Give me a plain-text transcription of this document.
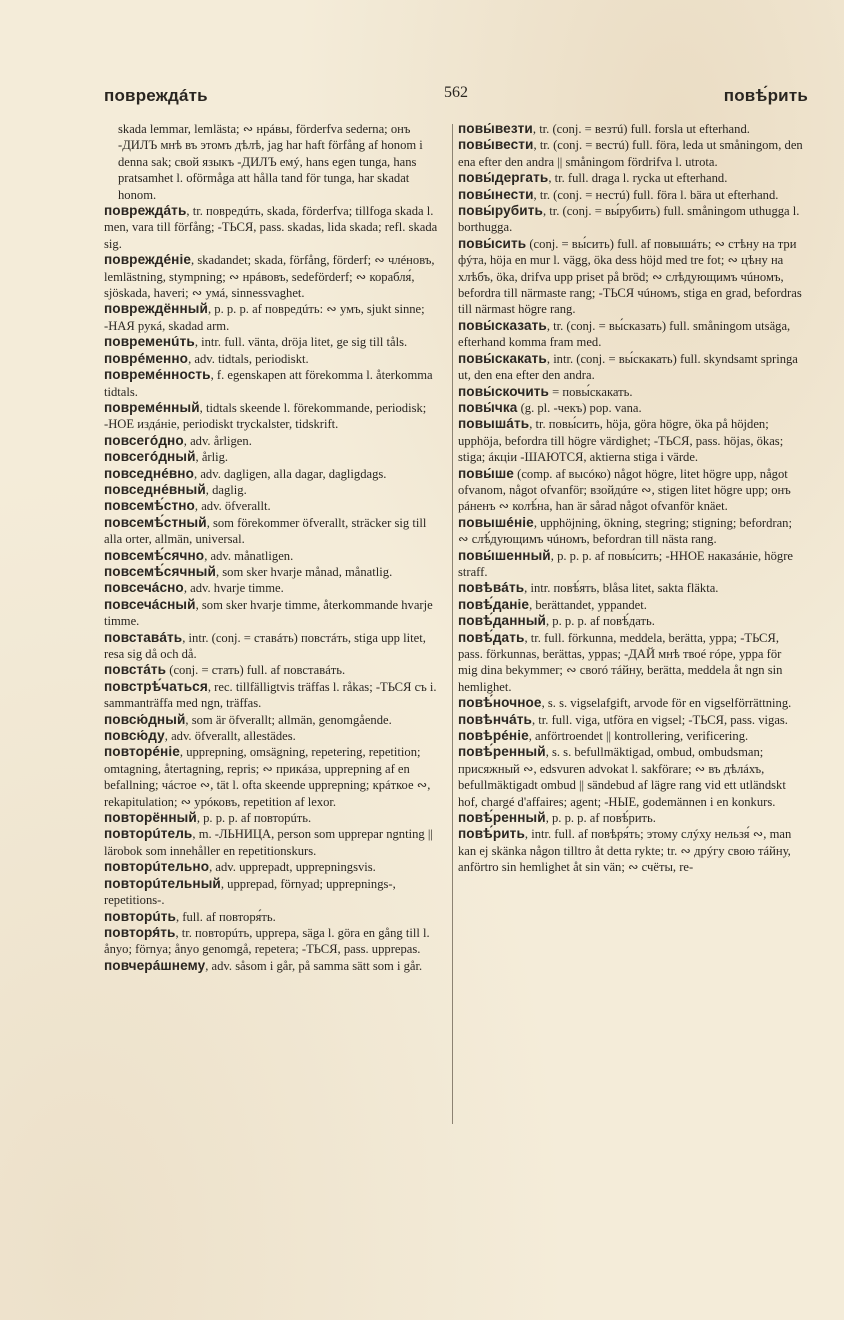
повреждáть	562	повѣ́рить

skada lemmar, lemlästa; ∾ нрáвы, förderfva sederna; онъ -ДИЛЪ мнѣ въ этомъ дѣлѣ, jag har haft förfång af honom i denna sak; свой языкъ -ДИЛЪ емý, hans egen tunga, hans pratsamhet l. oförmåga att hålla tand för tunga, har skadat honom.

повреждáть, tr. повредúть, skada, förderfva; tillfoga skada l. men, vara till förfång; -ТЬСЯ, pass. skadas, lida skada; refl. skada sig.

повреждéніе, skadandet; skada, förfång, förderf; ∾ члéновъ, lemlästning, stympning; ∾ нрáвовъ, sedeförderf; ∾ корабля́, sjöskada, haveri; ∾ умá, sinnessvaghet.

повреждённый, p. p. p. af повредúть: ∾ умъ, sjukt sinne; -НАЯ рукá, skadad arm.

повременúть, intr. full. vänta, dröja litet, ge sig till tåls.

поврéменно, adv. tidtals, periodiskt.

повремéнность, f. egenskapen att förekomma l. återkomma tidtals.

повремéнный, tidtals skeende l. förekommande, periodisk; -НОЕ издáніе, periodiskt tryckalster, tidskrift.

повсегóдно, adv. årligen.

повсегóдный, årlig.

повседнéвно, adv. dagligen, alla dagar, dagligdags.

повседнéвный, daglig.

повсемѣ́стно, adv. öfverallt.

повсемѣ́стный, som förekommer öfverallt, sträcker sig till alla orter, allmän, universal.

повсемѣ́сячно, adv. månatligen.

повсемѣ́сячный, som sker hvarje månad, månatlig.

повсечáсно, adv. hvarje timme.

повсечáсный, som sker hvarje timme, återkommande hvarje timme.

повставáть, intr. (conj. = ставáть) повстáть, stiga upp litet, resa sig då och då.

повстáть (conj. = стать) full. af повставáть.

повстрѣ́чаться, rec. tillfälligtvis träffas l. råkas; -ТЬСЯ съ i. sammanträffa med ngn, träffas.

повсю́дный, som är öfverallt; allmän, genomgående.

повсю́ду, adv. öfverallt, allestädes.

повторéніе, upprepning, omsägning, repetering, repetition; omtagning, återtagning, repris; ∾ прикáза, upprepning af en befallning; чáстое ∾, tät l. ofta skeende upprepning; крáткое ∾, rekapitulation; ∾ урóковъ, repetition af lexor.

повторённый, p. p. p. af повторúть.

повторúтель, m. -ЛЬНИЦА, person som upprepar ngnting || lärobok som innehåller en repetitionskurs.

повторúтельно, adv. upprepadt, upprepningsvis.

повторúтельный, upprepad, förnyad; upprepnings-, repetitions-.

повторúть, full. af повторя́ть.

повторя́ть, tr. повторúть, upprepa, säga l. göra en gång till l. ånyo; förnya; ånyo genomgå, repetera; -ТЬСЯ, pass. upprepas.

повчерáшнему, adv. såsom i går, på samma sätt som i går.

повы́везти, tr. (conj. = везтú) full. forsla ut efterhand.

повы́вести, tr. (conj. = вестú) full. föra, leda ut småningom, den ena efter den andra || småningom fördrifva l. utrota.

повы́дергать, tr. full. draga l. rycka ut efterhand.

повы́нести, tr. (conj. = нестú) full. föra l. bära ut efterhand.

повы́рубить, tr. (conj. = вы́рубить) full. småningom uthugga l. borthugga.

повы́сить (conj. = вы́сить) full. af повышáть; ∾ стѣну на три фýта, höja en mur l. vägg, öka dess höjd med tre fot; ∾ цѣну на хлѣбъ, öka, drifva upp priset på bröd; ∾ слѣдующимъ чúномъ, befordra till närmaste rang; -ТЬСЯ чúномъ, stiga en grad, befordras till närmast högre rang.

повы́сказать, tr. (conj. = вы́сказать) full. småningom utsäga, efterhand komma fram med.

повы́скакать, intr. (conj. = вы́скакать) full. skyndsamt springa ut, den ena efter den andra.

повы́скочить = повы́скакать.

повы́чка (g. pl. -чекъ) pop. vana.

повышáть, tr. повы́сить, höja, göra högre, öka på höjden; upphöja, befordra till högre värdighet; -ТЬСЯ, pass. höjas, ökas; stiga; áкціи -ШАЮТСЯ, aktierna stiga i värde.

повы́ше (comp. af высóко) något högre, litet högre upp, något ofvanom, något ofvanför; взойдúте ∾, stigen litet högre upp; онъ рáненъ ∾ колѣ́на, han är sårad något ofvanför knäet.

повышéніе, upphöjning, ökning, stegring; stigning; befordran; ∾ слѣ́дующимъ чúномъ, befordran till nästa rang.

повы́шенный, p. p. p. af повы́сить; -ННОЕ наказáніе, högre straff.

повѣвáть, intr. повѣ́ять, blåsa litet, sakta fläkta.

повѣ́даніе, berättandet, yppandet.

повѣ́данный, p. p. p. af повѣ́дать.

повѣ́дать, tr. full. förkunna, meddela, berätta, yppa; -ТЬСЯ, pass. förkunnas, berättas, yppas; -ДАЙ мнѣ твоé гóре, yppa för mig dina bekymmer; ∾ своró тáйну, berätta, meddela åt ngn sin hemlighet.

повѣ́ночное, s. s. vigselafgift, arvode för en vigselförrättning.

повѣнчáть, tr. full. viga, utföra en vigsel; -ТЬСЯ, pass. vigas.

повѣрéніе, anförtroendet || kontrollering, verificering.

повѣ́ренный, s. s. befullmäktigad, ombud, ombudsman; присяжный ∾, edsvuren advokat l. sakförare; ∾ въ дѣлáхъ, befullmäktigadt ombud || sändebud af lägre rang vid ett utländskt hof, chargé d'affaires; agent; -НЫЕ, godemännen i en konkurs.

повѣ́ренный, p. p. p. af повѣ́рить.

повѣ́рить, intr. full. af повѣря́ть; этому слýху нельзя́ ∾, man kan ej skänka någon tilltro åt detta rykte; tr. ∾ дрýгу свою тáйну, anförtro sin hemlighet åt sin vän; ∾ счёты, re-
